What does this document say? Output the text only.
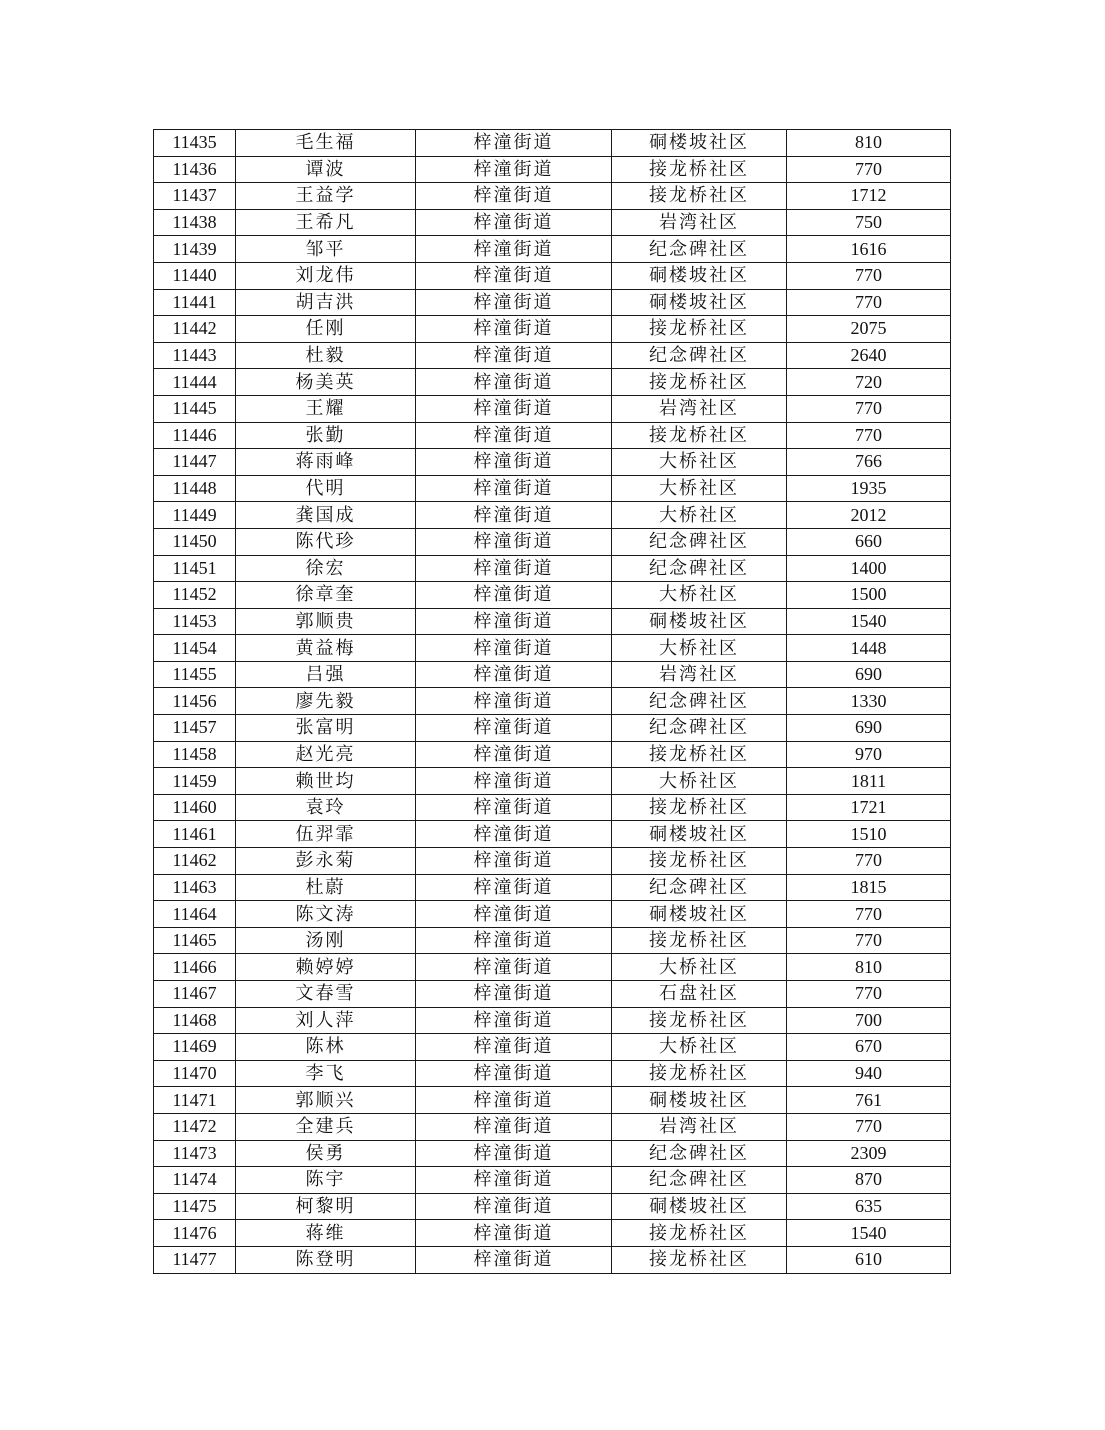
11435	毛生福	梓潼街道	硐楼坡社区	810
11436	谭波	梓潼街道	接龙桥社区	770
11437	王益学	梓潼街道	接龙桥社区	1712
11438	王希凡	梓潼街道	岩湾社区	750
11439	邹平	梓潼街道	纪念碑社区	1616
11440	刘龙伟	梓潼街道	硐楼坡社区	770
11441	胡吉洪	梓潼街道	硐楼坡社区	770
11442	任刚	梓潼街道	接龙桥社区	2075
11443	杜毅	梓潼街道	纪念碑社区	2640
11444	杨美英	梓潼街道	接龙桥社区	720
11445	王耀	梓潼街道	岩湾社区	770
11446	张勤	梓潼街道	接龙桥社区	770
11447	蒋雨峰	梓潼街道	大桥社区	766
11448	代明	梓潼街道	大桥社区	1935
11449	龚国成	梓潼街道	大桥社区	2012
11450	陈代珍	梓潼街道	纪念碑社区	660
11451	徐宏	梓潼街道	纪念碑社区	1400
11452	徐章奎	梓潼街道	大桥社区	1500
11453	郭顺贵	梓潼街道	硐楼坡社区	1540
11454	黄益梅	梓潼街道	大桥社区	1448
11455	吕强	梓潼街道	岩湾社区	690
11456	廖先毅	梓潼街道	纪念碑社区	1330
11457	张富明	梓潼街道	纪念碑社区	690
11458	赵光亮	梓潼街道	接龙桥社区	970
11459	赖世均	梓潼街道	大桥社区	1811
11460	袁玲	梓潼街道	接龙桥社区	1721
11461	伍羿霏	梓潼街道	硐楼坡社区	1510
11462	彭永菊	梓潼街道	接龙桥社区	770
11463	杜蔚	梓潼街道	纪念碑社区	1815
11464	陈文涛	梓潼街道	硐楼坡社区	770
11465	汤刚	梓潼街道	接龙桥社区	770
11466	赖婷婷	梓潼街道	大桥社区	810
11467	文春雪	梓潼街道	石盘社区	770
11468	刘人萍	梓潼街道	接龙桥社区	700
11469	陈林	梓潼街道	大桥社区	670
11470	李飞	梓潼街道	接龙桥社区	940
11471	郭顺兴	梓潼街道	硐楼坡社区	761
11472	全建兵	梓潼街道	岩湾社区	770
11473	侯勇	梓潼街道	纪念碑社区	2309
11474	陈宇	梓潼街道	纪念碑社区	870
11475	柯黎明	梓潼街道	硐楼坡社区	635
11476	蒋维	梓潼街道	接龙桥社区	1540
11477	陈登明	梓潼街道	接龙桥社区	610
